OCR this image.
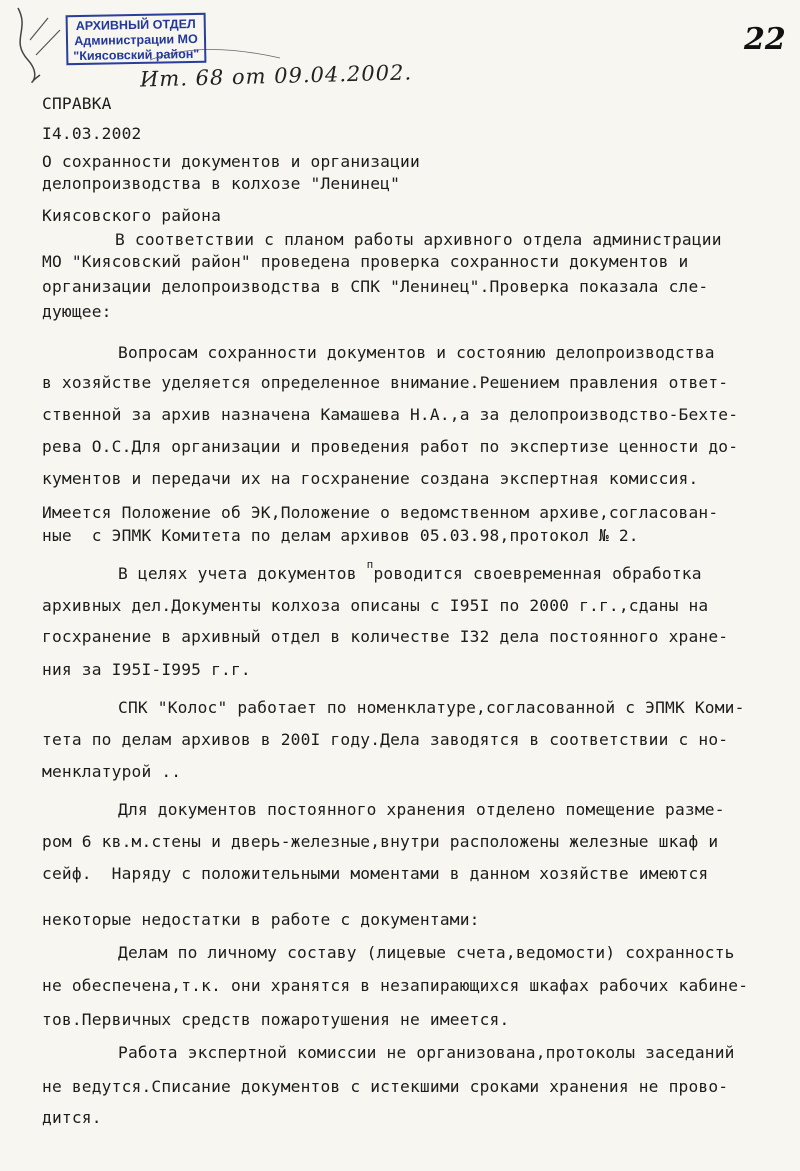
АРХИВНЫЙ ОТДЕЛ
Администрации МО
"Киясовский район"	22
Ит. 68 от 09.04.2002.
СПРАВКА
I4.03.2002
О сохранности документов и организации
делопроизводства в колхозе "Ленинец"
Киясовского района
В соответствии с планом работы архивного отдела администрации
МО "Киясовский район" проведена проверка сохранности документов и
организации делопроизводства в СПК "Ленинец".Проверка показала сле-
дующее:
Вопросам сохранности документов и состоянию делопроизводства
в хозяйстве уделяется определенное внимание.Решением правления ответ-
ственной за архив назначена Камашева Н.А.,а за делопроизводство-Бехте-
рева О.С.Для организации и проведения работ по экспертизе ценности до-
кументов и передачи их на госхранение создана экспертная комиссия.
Имеется Положение об ЭК,Положение о ведомственном архиве,согласован-
ные  с ЭПМК Комитета по делам архивов 05.03.98,протокол № 2.
В целях учета документов $^п$роводится своевременная обработка
архивных дел.Документы колхоза описаны с I95I по 2000 г.г.,сданы на
госхранение в архивный отдел в количестве I32 дела постоянного хране-
ния за I95I-I995 г.г.
СПК "Колос" работает по номенклатуре,согласованной с ЭПМК Коми-
тета по делам архивов в 200I году.Дела заводятся в соответствии с но-
менклатурой ..
Для документов постоянного хранения отделено помещение разме-
ром 6 кв.м.стены и дверь-железные,внутри расположены железные шкаф и
сейф. Наряду с положительными моментами в данном хозяйстве имеются
некоторые недостатки в работе с документами:
Делам по личному составу (лицевые счета,ведомости) сохранность
не обеспечена,т.к. они хранятся в незапирающихся шкафах рабочих кабине-
тов.Первичных средств пожаротушения не имеется.
Работа экспертной комиссии не организована,протоколы заседаний
не ведутся.Списание документов с истекшими сроками хранения не прово-
дится.
